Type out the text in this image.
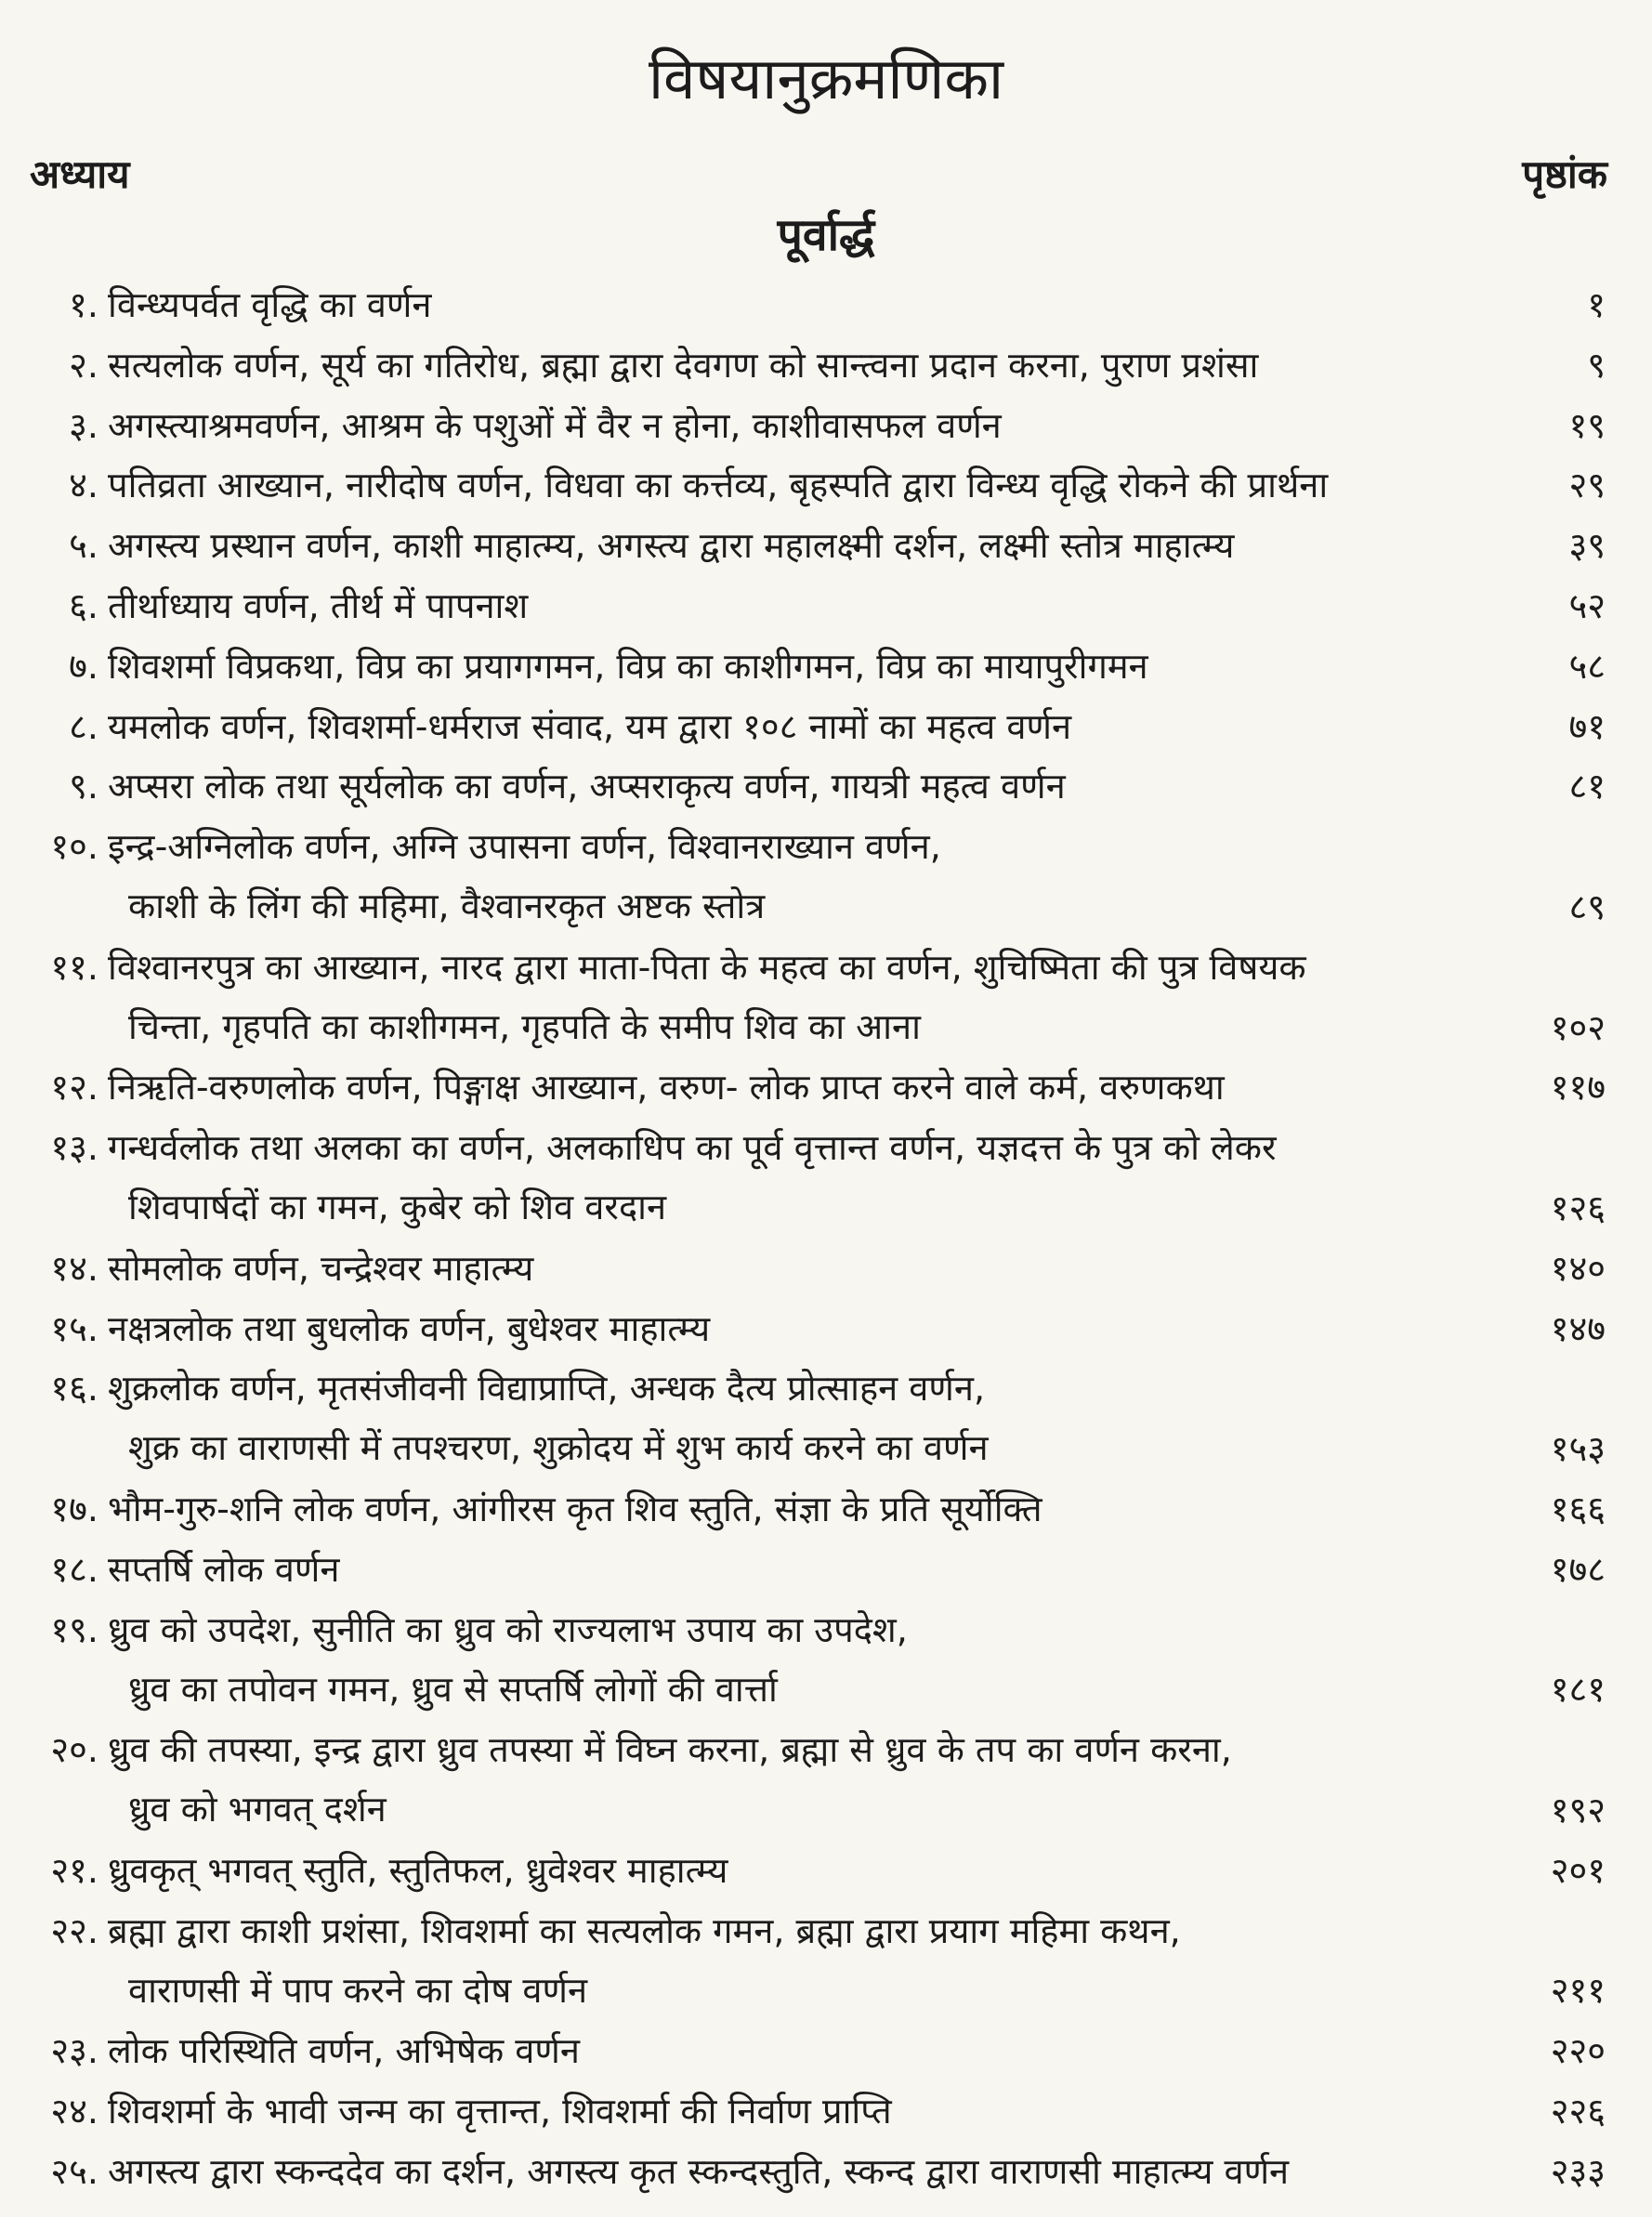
विषयानुक्रमणिका
अध्याय	पृष्ठांक
पूर्वार्द्ध
१. विन्ध्यपर्वत वृद्धि का वर्णन	१
२. सत्यलोक वर्णन, सूर्य का गतिरोध, ब्रह्मा द्वारा देवगण को सान्त्वना प्रदान करना, पुराण प्रशंसा	९
३. अगस्त्याश्रमवर्णन, आश्रम के पशुओं में वैर न होना, काशीवासफल वर्णन	१९
४. पतिव्रता आख्यान, नारीदोष वर्णन, विधवा का कर्त्तव्य, बृहस्पति द्वारा विन्ध्य वृद्धि रोकने की प्रार्थना	२९
५. अगस्त्य प्रस्थान वर्णन, काशी माहात्म्य, अगस्त्य द्वारा महालक्ष्मी दर्शन, लक्ष्मी स्तोत्र माहात्म्य	३९
६. तीर्थाध्याय वर्णन, तीर्थ में पापनाश	५२
७. शिवशर्मा विप्रकथा, विप्र का प्रयागगमन, विप्र का काशीगमन, विप्र का मायापुरीगमन	५८
८. यमलोक वर्णन, शिवशर्मा-धर्मराज संवाद, यम द्वारा १०८ नामों का महत्व वर्णन	७१
९. अप्सरा लोक तथा सूर्यलोक का वर्णन, अप्सराकृत्य वर्णन, गायत्री महत्व वर्णन	८१
१०. इन्द्र-अग्निलोक वर्णन, अग्नि उपासना वर्णन, विश्वानराख्यान वर्णन,
काशी के लिंग की महिमा, वैश्वानरकृत अष्टक स्तोत्र	८९
११. विश्वानरपुत्र का आख्यान, नारद द्वारा माता-पिता के महत्व का वर्णन, शुचिष्मिता की पुत्र विषयक
चिन्ता, गृहपति का काशीगमन, गृहपति के समीप शिव का आना	१०२
१२. निऋति-वरुणलोक वर्णन, पिङ्गाक्ष आख्यान, वरुण- लोक प्राप्त करने वाले कर्म, वरुणकथा	११७
१३. गन्धर्वलोक तथा अलका का वर्णन, अलकाधिप का पूर्व वृत्तान्त वर्णन, यज्ञदत्त के पुत्र को लेकर
शिवपार्षदों का गमन, कुबेर को शिव वरदान	१२६
१४. सोमलोक वर्णन, चन्द्रेश्वर माहात्म्य	१४०
१५. नक्षत्रलोक तथा बुधलोक वर्णन, बुधेश्वर माहात्म्य	१४७
१६. शुक्रलोक वर्णन, मृतसंजीवनी विद्याप्राप्ति, अन्धक दैत्य प्रोत्साहन वर्णन,
शुक्र का वाराणसी में तपश्चरण, शुक्रोदय में शुभ कार्य करने का वर्णन	१५३
१७. भौम-गुरु-शनि लोक वर्णन, आंगीरस कृत शिव स्तुति, संज्ञा के प्रति सूर्योक्ति	१६६
१८. सप्तर्षि लोक वर्णन	१७८
१९. ध्रुव को उपदेश, सुनीति का ध्रुव को राज्यलाभ उपाय का उपदेश,
ध्रुव का तपोवन गमन, ध्रुव से सप्तर्षि लोगों की वार्त्ता	१८१
२०. ध्रुव की तपस्या, इन्द्र द्वारा ध्रुव तपस्या में विघ्न करना, ब्रह्मा से ध्रुव के तप का वर्णन करना,
ध्रुव को भगवत् दर्शन	१९२
२१. ध्रुवकृत् भगवत् स्तुति, स्तुतिफल, ध्रुवेश्वर माहात्म्य	२०१
२२. ब्रह्मा द्वारा काशी प्रशंसा, शिवशर्मा का सत्यलोक गमन, ब्रह्मा द्वारा प्रयाग महिमा कथन,
वाराणसी में पाप करने का दोष वर्णन	२११
२३. लोक परिस्थिति वर्णन, अभिषेक वर्णन	२२०
२४. शिवशर्मा के भावी जन्म का वृत्तान्त, शिवशर्मा की निर्वाण प्राप्ति	२२६
२५. अगस्त्य द्वारा स्कन्ददेव का दर्शन, अगस्त्य कृत स्कन्दस्तुति, स्कन्द द्वारा वाराणसी माहात्म्य वर्णन	२३३
